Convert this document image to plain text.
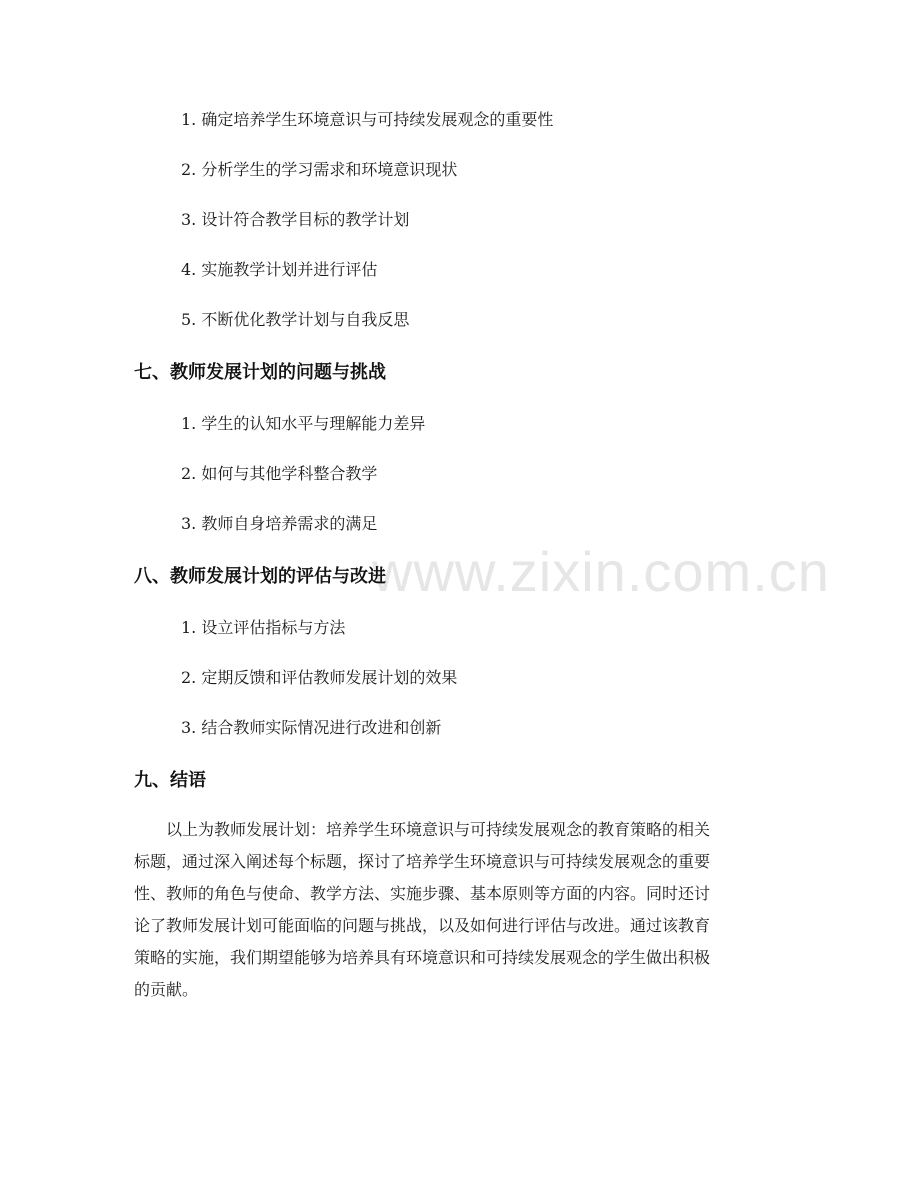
www.zixin.com.cn
1. 确定培养学生环境意识与可持续发展观念的重要性
2. 分析学生的学习需求和环境意识现状
3. 设计符合教学目标的教学计划
4. 实施教学计划并进行评估
5. 不断优化教学计划与自我反思
七、教师发展计划的问题与挑战
1. 学生的认知水平与理解能力差异
2. 如何与其他学科整合教学
3. 教师自身培养需求的满足
八、教师发展计划的评估与改进
1. 设立评估指标与方法
2. 定期反馈和评估教师发展计划的效果
3. 结合教师实际情况进行改进和创新
九、结语
以上为教师发展计划：培养学生环境意识与可持续发展观念的教育策略的相关
标题，通过深入阐述每个标题，探讨了培养学生环境意识与可持续发展观念的重要
性、教师的角色与使命、教学方法、实施步骤、基本原则等方面的内容。同时还讨
论了教师发展计划可能面临的问题与挑战，以及如何进行评估与改进。通过该教育
策略的实施，我们期望能够为培养具有环境意识和可持续发展观念的学生做出积极
的贡献。
